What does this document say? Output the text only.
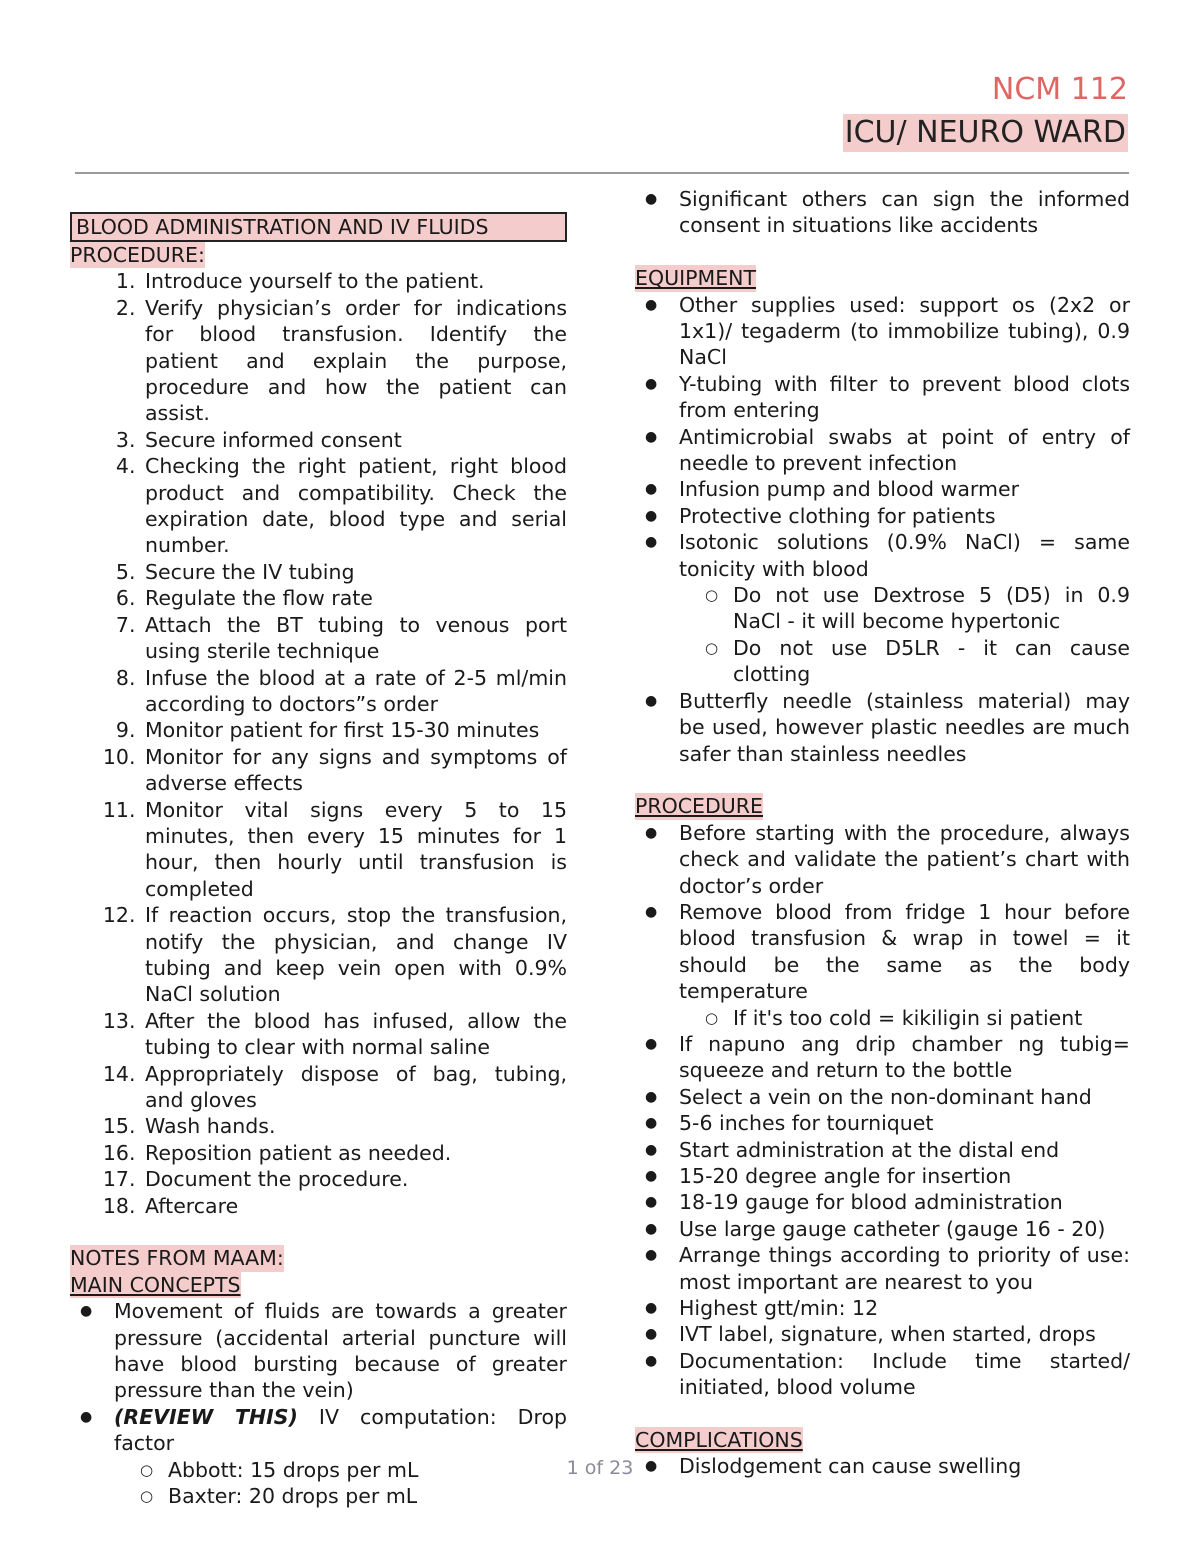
NCM 112
ICU/ NEURO WARD
BLOOD ADMINISTRATION AND IV FLUIDS
PROCEDURE:
1. Introduce yourself to the patient.
2. Verify physician’s order for indications for blood transfusion. Identify the patient and explain the purpose, procedure and how the patient can assist.
3. Secure informed consent
4. Checking the right patient, right blood product and compatibility. Check the expiration date, blood type and serial number.
5. Secure the IV tubing
6. Regulate the flow rate
7. Attach the BT tubing to venous port using sterile technique
8. Infuse the blood at a rate of 2-5 ml/min according to doctors”s order
9. Monitor patient for first 15-30 minutes
10. Monitor for any signs and symptoms of adverse effects
11. Monitor vital signs every 5 to 15 minutes, then every 15 minutes for 1 hour, then hourly until transfusion is completed
12. If reaction occurs, stop the transfusion, notify the physician, and change IV tubing and keep vein open with 0.9% NaCl solution
13. After the blood has infused, allow the tubing to clear with normal saline
14. Appropriately dispose of bag, tubing, and gloves
15. Wash hands.
16. Reposition patient as needed.
17. Document the procedure.
18. Aftercare
NOTES FROM MAAM:
MAIN CONCEPTS
● Movement of fluids are towards a greater pressure (accidental arterial puncture will have blood bursting because of greater pressure than the vein)
● (REVIEW THIS) IV computation: Drop factor
○ Abbott: 15 drops per mL
○ Baxter: 20 drops per mL
● Significant others can sign the informed consent in situations like accidents
EQUIPMENT
● Other supplies used: support os (2x2 or 1x1)/ tegaderm (to immobilize tubing), 0.9 NaCl
● Y-tubing with filter to prevent blood clots from entering
● Antimicrobial swabs at point of entry of needle to prevent infection
● Infusion pump and blood warmer
● Protective clothing for patients
● Isotonic solutions (0.9% NaCl) = same tonicity with blood
○ Do not use Dextrose 5 (D5) in 0.9 NaCl - it will become hypertonic
○ Do not use D5LR - it can cause clotting
● Butterfly needle (stainless material) may be used, however plastic needles are much safer than stainless needles
PROCEDURE
● Before starting with the procedure, always check and validate the patient’s chart with doctor’s order
● Remove blood from fridge 1 hour before blood transfusion & wrap in towel = it should be the same as the body temperature
○ If it's too cold = kikiligin si patient
● If napuno ang drip chamber ng tubig= squeeze and return to the bottle
● Select a vein on the non-dominant hand
● 5-6 inches for tourniquet
● Start administration at the distal end
● 15-20 degree angle for insertion
● 18-19 gauge for blood administration
● Use large gauge catheter (gauge 16 - 20)
● Arrange things according to priority of use: most important are nearest to you
● Highest gtt/min: 12
● IVT label, signature, when started, drops
● Documentation: Include time started/ initiated, blood volume
COMPLICATIONS
● Dislodgement can cause swelling
1 of 23
